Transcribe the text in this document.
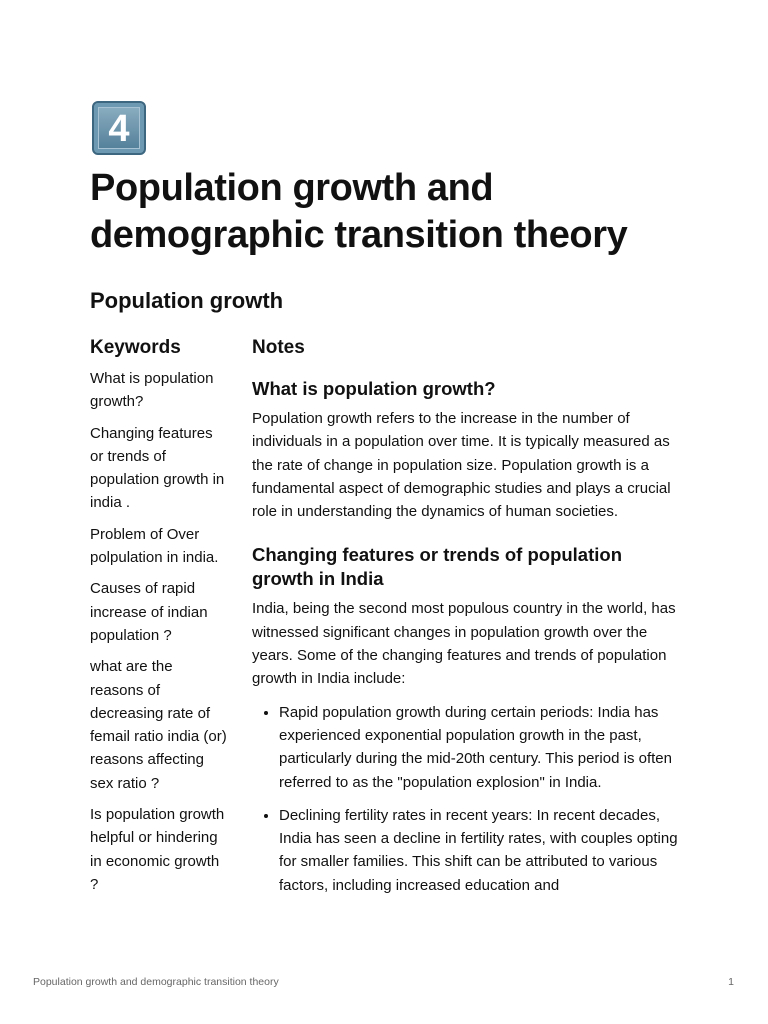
4
Population growth and demographic transition theory
Population growth
Keywords
What is population growth?
Changing features or trends of population growth in india .
Problem of Over polpulation in india.
Causes of rapid increase of indian population ?
what are the reasons of decreasing rate of femail ratio india (or) reasons affecting sex ratio ?
Is population growth helpful or hindering in economic growth ?
Notes
What is population growth?

Population growth refers to the increase in the number of individuals in a population over time. It is typically measured as the rate of change in population size. Population growth is a fundamental aspect of demographic studies and plays a crucial role in understanding the dynamics of human societies.

Changing features or trends of population growth in India

India, being the second most populous country in the world, has witnessed significant changes in population growth over the years. Some of the changing features and trends of population growth in India include:

• Rapid population growth during certain periods: India has experienced exponential population growth in the past, particularly during the mid-20th century. This period is often referred to as the "population explosion" in India.
• Declining fertility rates in recent years: In recent decades, India has seen a decline in fertility rates, with couples opting for smaller families. This shift can be attributed to various factors, including increased education and
Population growth and demographic transition theory	1
